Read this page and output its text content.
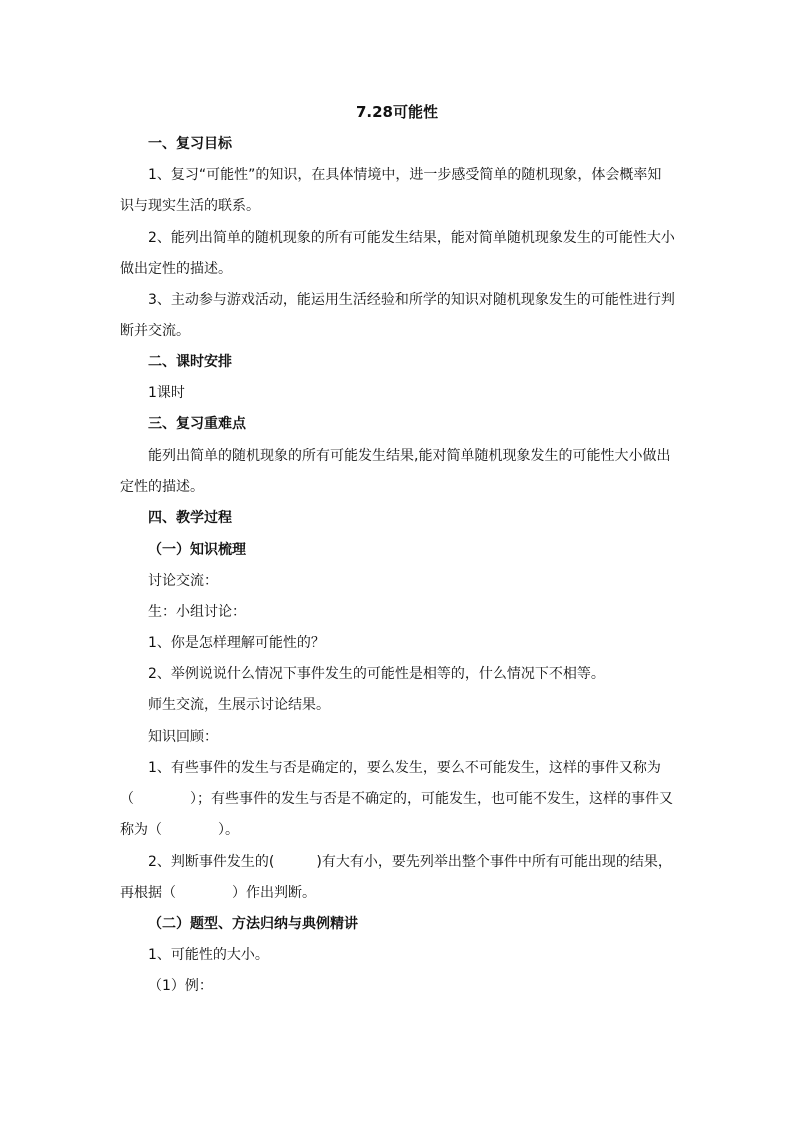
7.28可能性
一、复习目标
1、复习“可能性”的知识，在具体情境中，进一步感受简单的随机现象，体会概率知
识与现实生活的联系。
2、能列出简单的随机现象的所有可能发生结果，能对简单随机现象发生的可能性大小
做出定性的描述。
3、主动参与游戏活动，能运用生活经验和所学的知识对随机现象发生的可能性进行判
断并交流。
二、课时安排
1课时
三、复习重难点
能列出简单的随机现象的所有可能发生结果,能对简单随机现象发生的可能性大小做出
定性的描述。
四、教学过程
（一）知识梳理
讨论交流：
生：小组讨论：
1、你是怎样理解可能性的？
2、举例说说什么情况下事件发生的可能性是相等的，什么情况下不相等。
师生交流，生展示讨论结果。
知识回顾：
1、有些事件的发生与否是确定的，要么发生，要么不可能发生，这样的事件又称为
（　　　　）；有些事件的发生与否是不确定的，可能发生，也可能不发生，这样的事件又
称为（　　　　）。
2、判断事件发生的(　　　)有大有小，要先列举出整个事件中所有可能出现的结果，
再根据（　　　　）作出判断。
（二）题型、方法归纳与典例精讲
1、可能性的大小。
（1）例：
